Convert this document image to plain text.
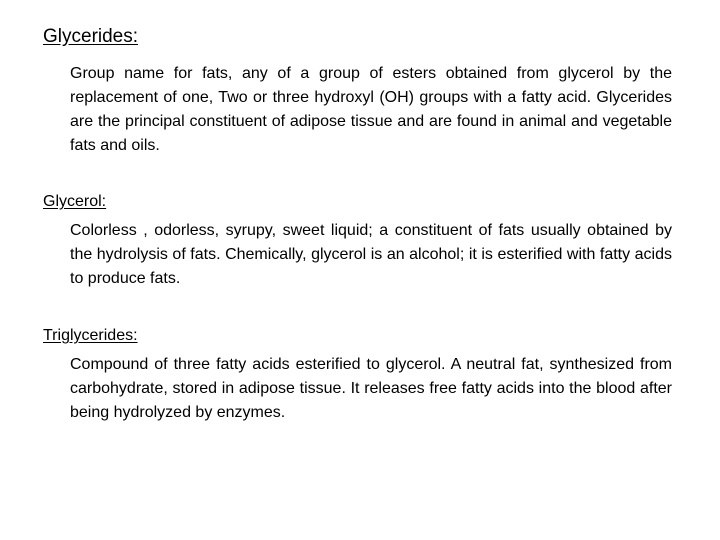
Glycerides:

Group name for fats, any of a group of esters obtained from glycerol by the replacement of one, Two or three hydroxyl (OH) groups with a fatty acid. Glycerides are the principal constituent of adipose tissue and are found in animal and vegetable fats and oils.

Glycerol:

Colorless , odorless, syrupy, sweet liquid; a constituent of fats usually obtained by the hydrolysis of fats. Chemically, glycerol is an alcohol; it is esterified with fatty acids to produce fats.

Triglycerides:

Compound of three fatty acids esterified to glycerol. A neutral fat, synthesized from carbohydrate, stored in adipose tissue. It releases free fatty acids into the blood after being hydrolyzed by enzymes.
